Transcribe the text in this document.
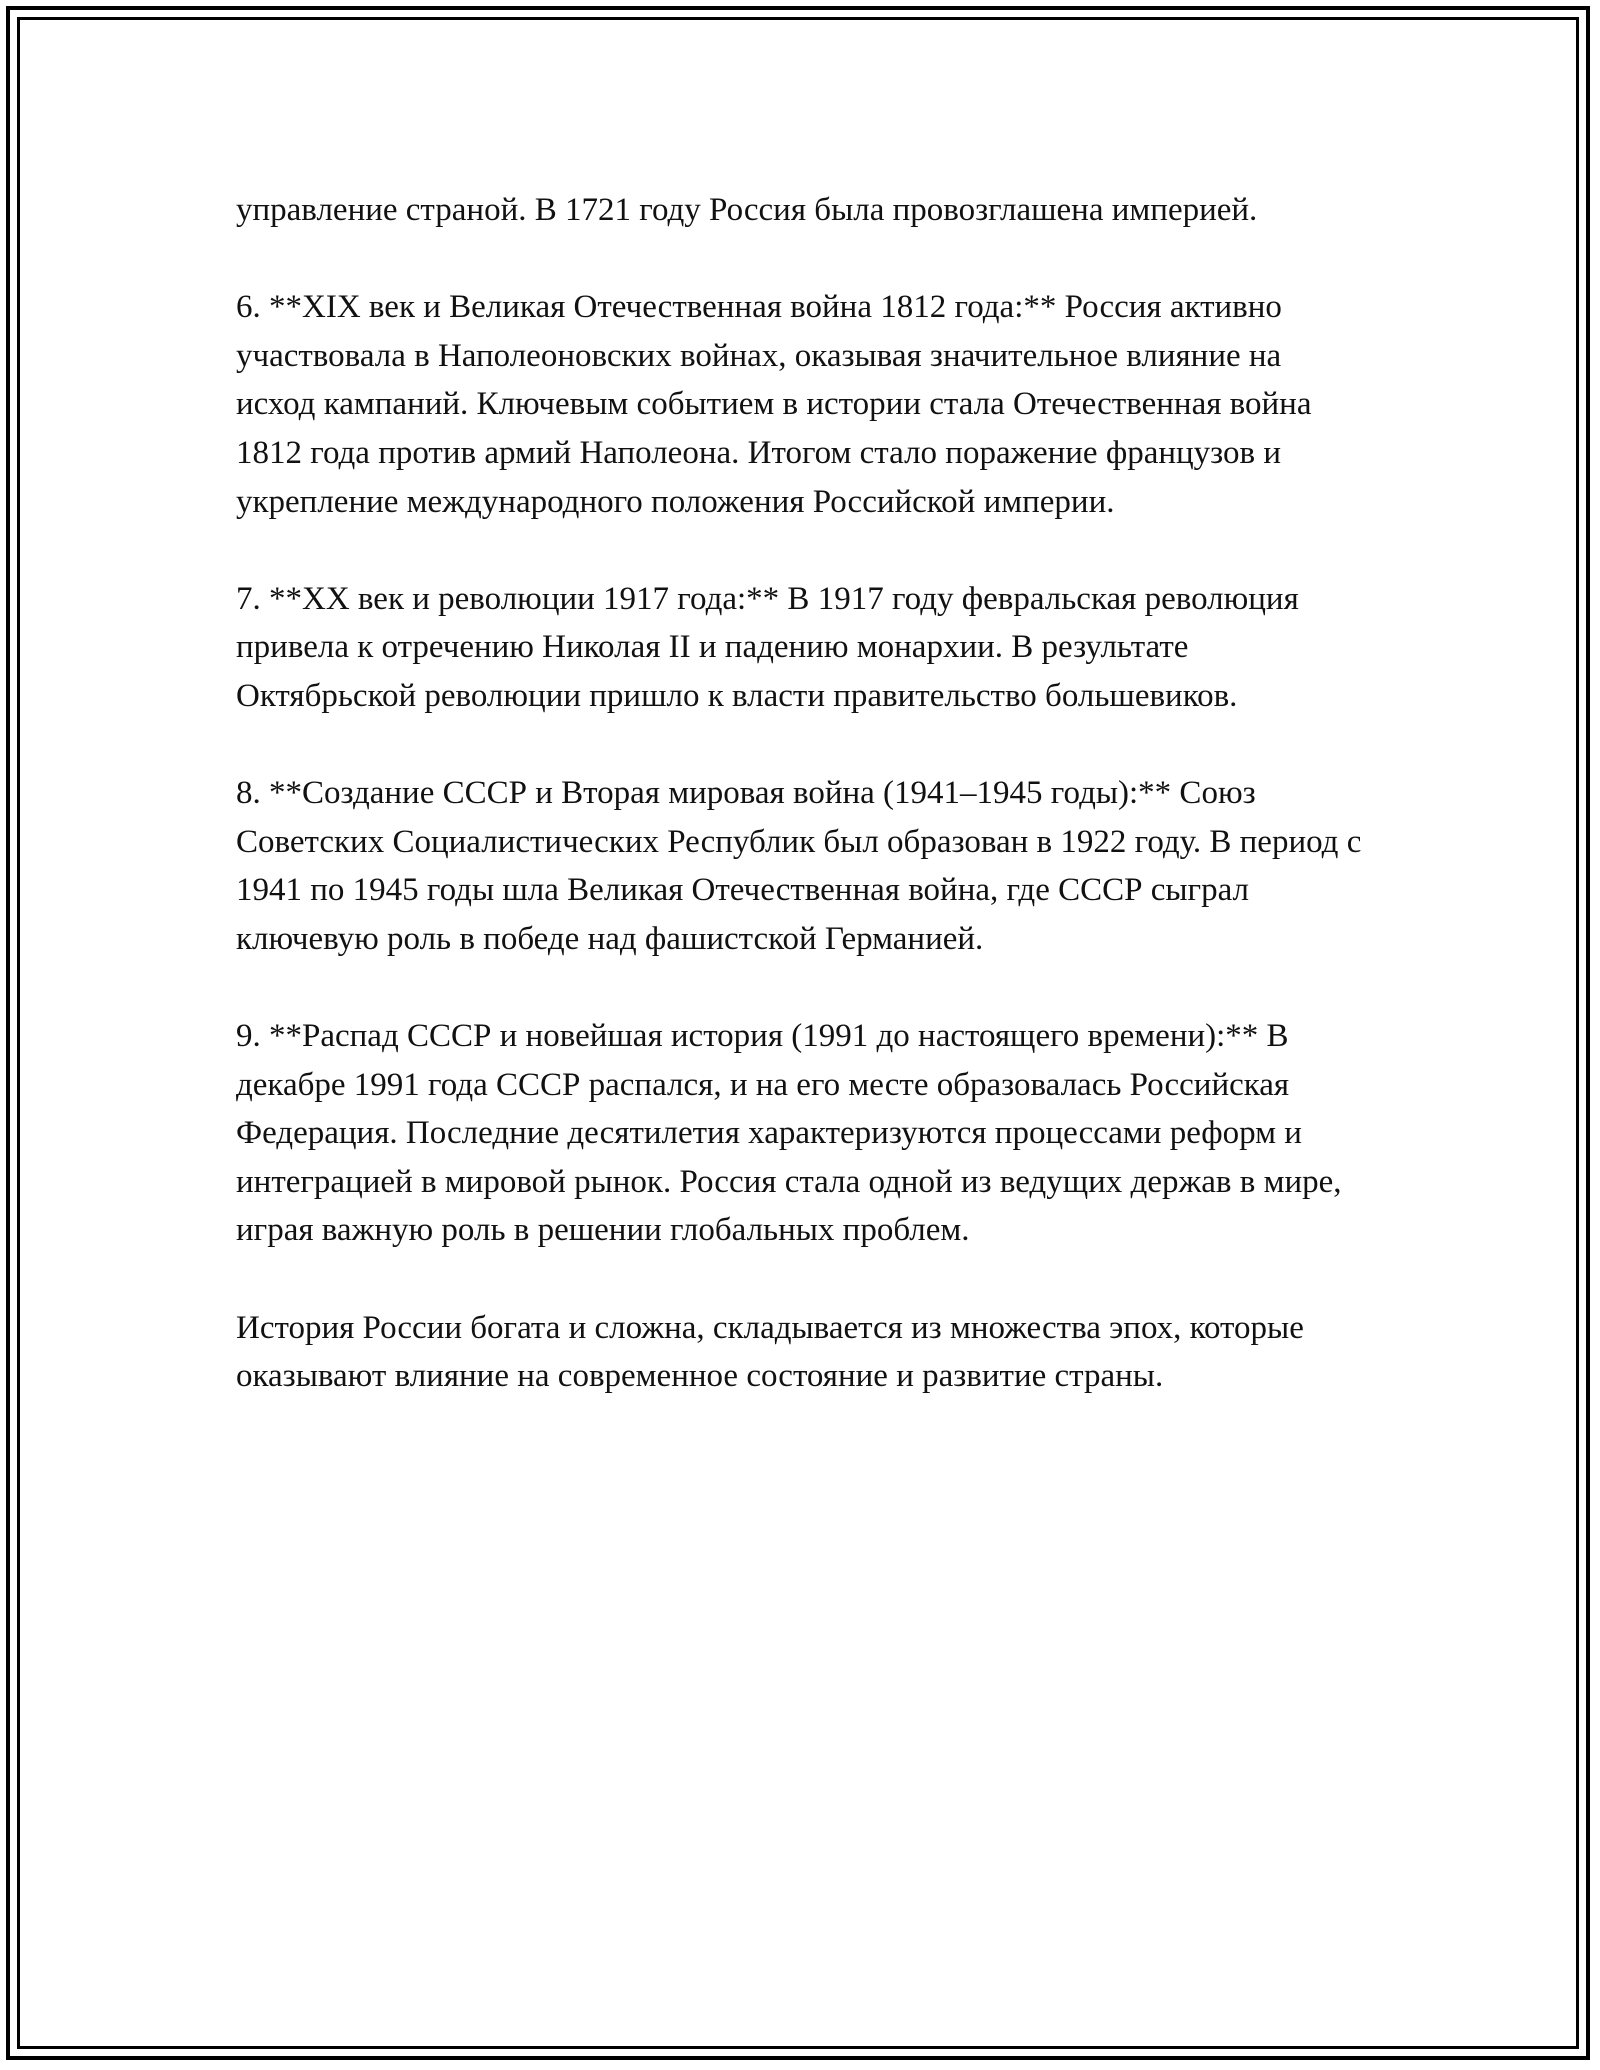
управление страной. В 1721 году Россия была провозглашена империей.

6. **XIX век и Великая Отечественная война 1812 года:** Россия активно участвовала в Наполеоновских войнах, оказывая значительное влияние на исход кампаний. Ключевым событием в истории стала Отечественная война 1812 года против армий Наполеона. Итогом стало поражение французов и укрепление международного положения Российской империи.

7. **XX век и революции 1917 года:** В 1917 году февральская революция привела к отречению Николая II и падению монархии. В результате Октябрьской революции пришло к власти правительство большевиков.

8. **Создание СССР и Вторая мировая война (1941–1945 годы):** Союз Советских Социалистических Республик был образован в 1922 году. В период с 1941 по 1945 годы шла Великая Отечественная война, где СССР сыграл ключевую роль в победе над фашистской Германией.

9. **Распад СССР и новейшая история (1991 до настоящего времени):** В декабре 1991 года СССР распался, и на его месте образовалась Российская Федерация. Последние десятилетия характеризуются процессами реформ и интеграцией в мировой рынок. Россия стала одной из ведущих держав в мире, играя важную роль в решении глобальных проблем.

История России богата и сложна, складывается из множества эпох, которые оказывают влияние на современное состояние и развитие страны.
